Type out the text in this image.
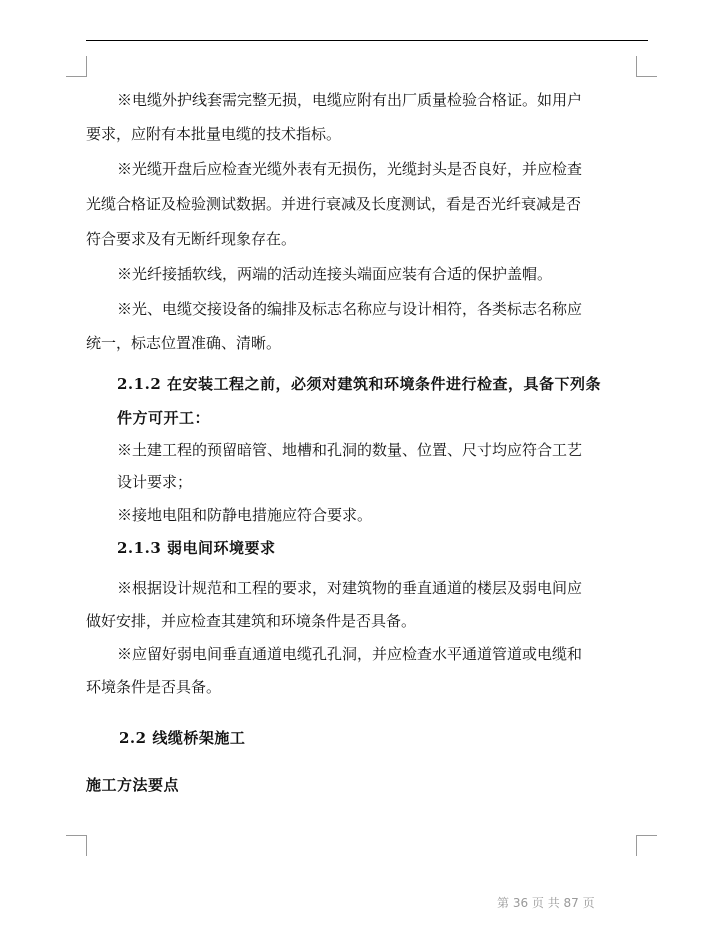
※电缆外护线套需完整无损，电缆应附有出厂质量检验合格证。如用户

要求，应附有本批量电缆的技术指标。

※光缆开盘后应检查光缆外表有无损伤，光缆封头是否良好，并应检查

光缆合格证及检验测试数据。并进行衰减及长度测试，看是否光纤衰减是否

符合要求及有无断纤现象存在。

※光纤接插软线，两端的活动连接头端面应装有合适的保护盖帽。

※光、电缆交接设备的编排及标志名称应与设计相符，各类标志名称应

统一，标志位置准确、清晰。

2.1.2 在安装工程之前，必须对建筑和环境条件进行检查，具备下列条

件方可开工：

※土建工程的预留暗管、地槽和孔洞的数量、位置、尺寸均应符合工艺

设计要求；

※接地电阻和防静电措施应符合要求。

2.1.3 弱电间环境要求

※根据设计规范和工程的要求，对建筑物的垂直通道的楼层及弱电间应

做好安排，并应检查其建筑和环境条件是否具备。

※应留好弱电间垂直通道电缆孔孔洞，并应检查水平通道管道或电缆和

环境条件是否具备。

2.2 线缆桥架施工

施工方法要点

第 36 页 共 87 页
